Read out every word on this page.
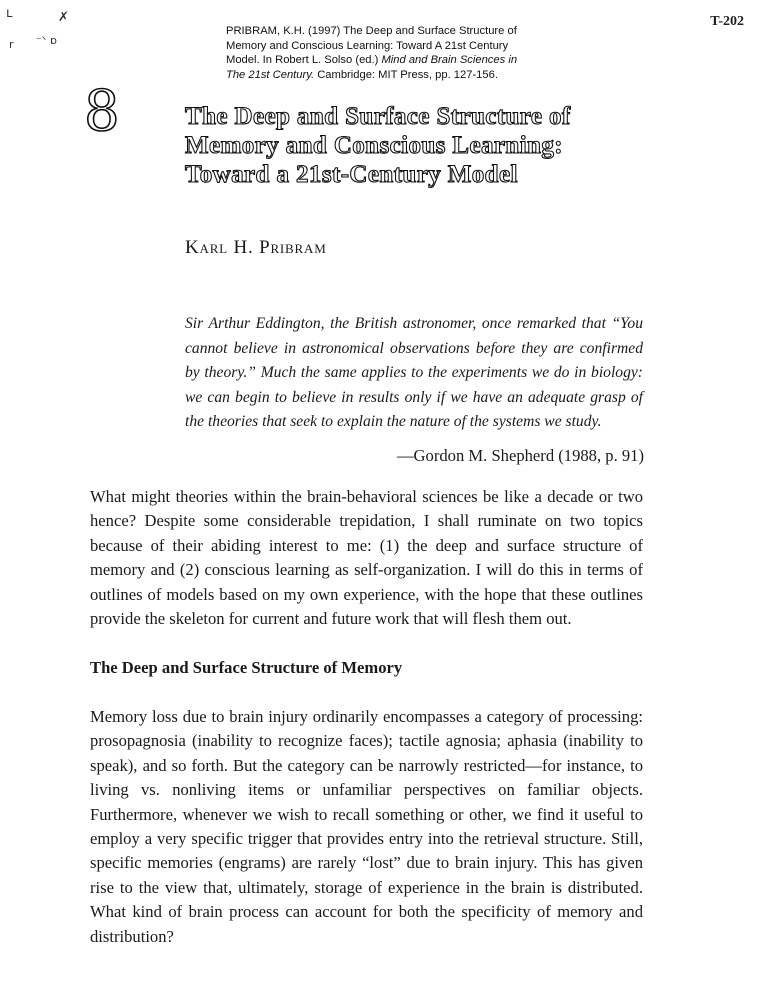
ʟ	✗
r ⁻ᐠ ɒ
PRIBRAM, K.H. (1997) The Deep and Surface Structure of
Memory and Conscious Learning: Toward A 21st Century
Model. In Robert L. Solso (ed.) Mind and Brain Sciences in
The 21st Century. Cambridge: MIT Press, pp. 127-156.
T-202
8	The Deep and Surface Structure of
Memory and Conscious Learning:
Toward a 21st-Century Model
Karl H. Pribram
Sir Arthur Eddington, the British astronomer, once remarked that “You cannot believe in astronomical observations before they are confirmed by theory.” Much the same applies to the experiments we do in biology: we can begin to believe in results only if we have an adequate grasp of the theories that seek to explain the nature of the systems we study.
—Gordon M. Shepherd (1988, p. 91)

What might theories within the brain-behavioral sciences be like a decade or two hence? Despite some considerable trepidation, I shall ruminate on two topics because of their abiding interest to me: (1) the deep and surface structure of memory and (2) conscious learning as self-organization. I will do this in terms of outlines of models based on my own experience, with the hope that these outlines provide the skeleton for current and future work that will flesh them out.

The Deep and Surface Structure of Memory

Memory loss due to brain injury ordinarily encompasses a category of processing: prosopagnosia (inability to recognize faces); tactile agnosia; aphasia (inability to speak), and so forth. But the category can be narrowly restricted—for instance, to living vs. nonliving items or unfamiliar perspectives on familiar objects. Furthermore, whenever we wish to recall something or other, we find it useful to employ a very specific trigger that provides entry into the retrieval structure. Still, specific memories (engrams) are rarely “lost” due to brain injury. This has given rise to the view that, ultimately, storage of experience in the brain is distributed. What kind of brain process can account for both the specificity of memory and distribution?
